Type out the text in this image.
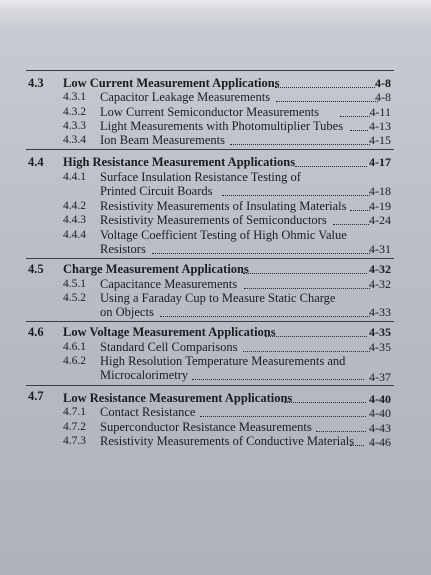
4.3 Low Current Measurement Applications	4-8
4.3.1 Capacitor Leakage Measurements	4-8
4.3.2 Low Current Semiconductor Measurements	4-11
4.3.3 Light Measurements with Photomultiplier Tubes 4-13
4.3.4 Ion Beam Measurements	4-15
4.4 High Resistance Measurement Applications	4-17
4.4.1 Surface Insulation Resistance Testing of
Printed Circuit Boards	4-18
4.4.2 Resistivity Measurements of Insulating Materials 4-19
4.4.3 Resistivity Measurements of Semiconductors	4-24
4.4.4 Voltage Coefficient Testing of High Ohmic Value
Resistors	4-31
4.5 Charge Measurement Applications	4-32
4.5.1 Capacitance Measurements	4-32
4.5.2 Using a Faraday Cup to Measure Static Charge
on Objects	4-33
4.6 Low Voltage Measurement Applications	4-35
4.6.1 Standard Cell Comparisons	4-35
4.6.2 High Resolution Temperature Measurements and
Microcalorimetry	4-37
4.7 Low Resistance Measurement Applications	4-40
4.7.1 Contact Resistance	4-40
4.7.2 Superconductor Resistance Measurements	4-43
4.7.3 Resistivity Measurements of Conductive Materials 4-46
